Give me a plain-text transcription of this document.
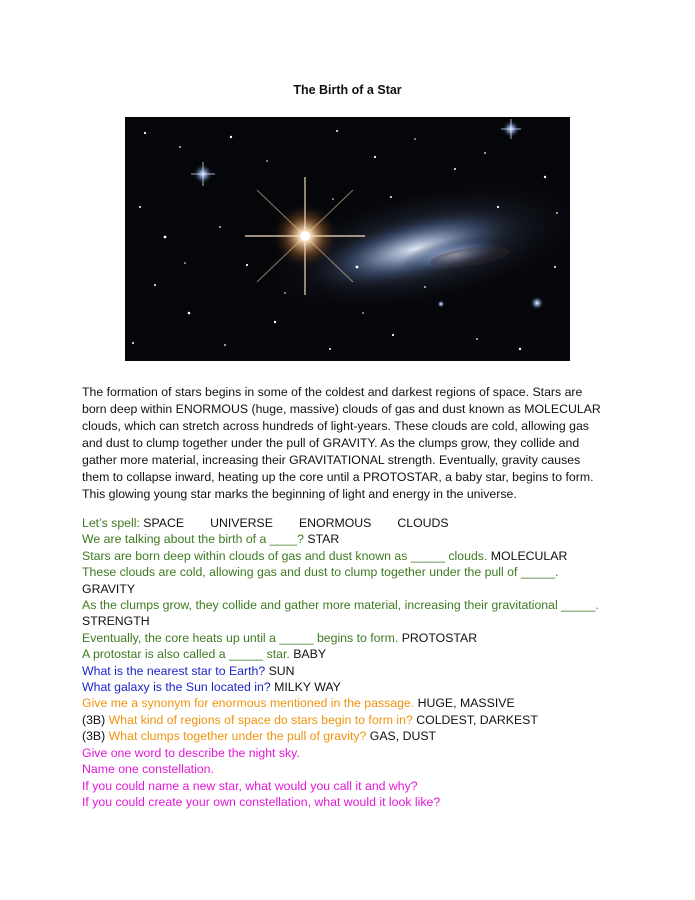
The Birth of a Star
The formation of stars begins in some of the coldest and darkest regions of space. Stars are
born deep within ENORMOUS (huge, massive) clouds of gas and dust known as MOLECULAR
clouds, which can stretch across hundreds of light-years. These clouds are cold, allowing gas
and dust to clump together under the pull of GRAVITY. As the clumps grow, they collide and
gather more material, increasing their GRAVITATIONAL strength. Eventually, gravity causes
them to collapse inward, heating up the core until a PROTOSTAR, a baby star, begins to form.
This glowing young star marks the beginning of light and energy in the universe.
Let’s spell: SPACE UNIVERSE ENORMOUS CLOUDS
We are talking about the birth of a ____? STAR
Stars are born deep within clouds of gas and dust known as _____ clouds. MOLECULAR
These clouds are cold, allowing gas and dust to clump together under the pull of _____.
GRAVITY
As the clumps grow, they collide and gather more material, increasing their gravitational _____.
STRENGTH
Eventually, the core heats up until a _____ begins to form. PROTOSTAR
A protostar is also called a _____ star. BABY
What is the nearest star to Earth? SUN
What galaxy is the Sun located in? MILKY WAY
Give me a synonym for enormous mentioned in the passage. HUGE, MASSIVE
(3B) What kind of regions of space do stars begin to form in? COLDEST, DARKEST
(3B) What clumps together under the pull of gravity? GAS, DUST
Give one word to describe the night sky.
Name one constellation.
If you could name a new star, what would you call it and why?
If you could create your own constellation, what would it look like?
